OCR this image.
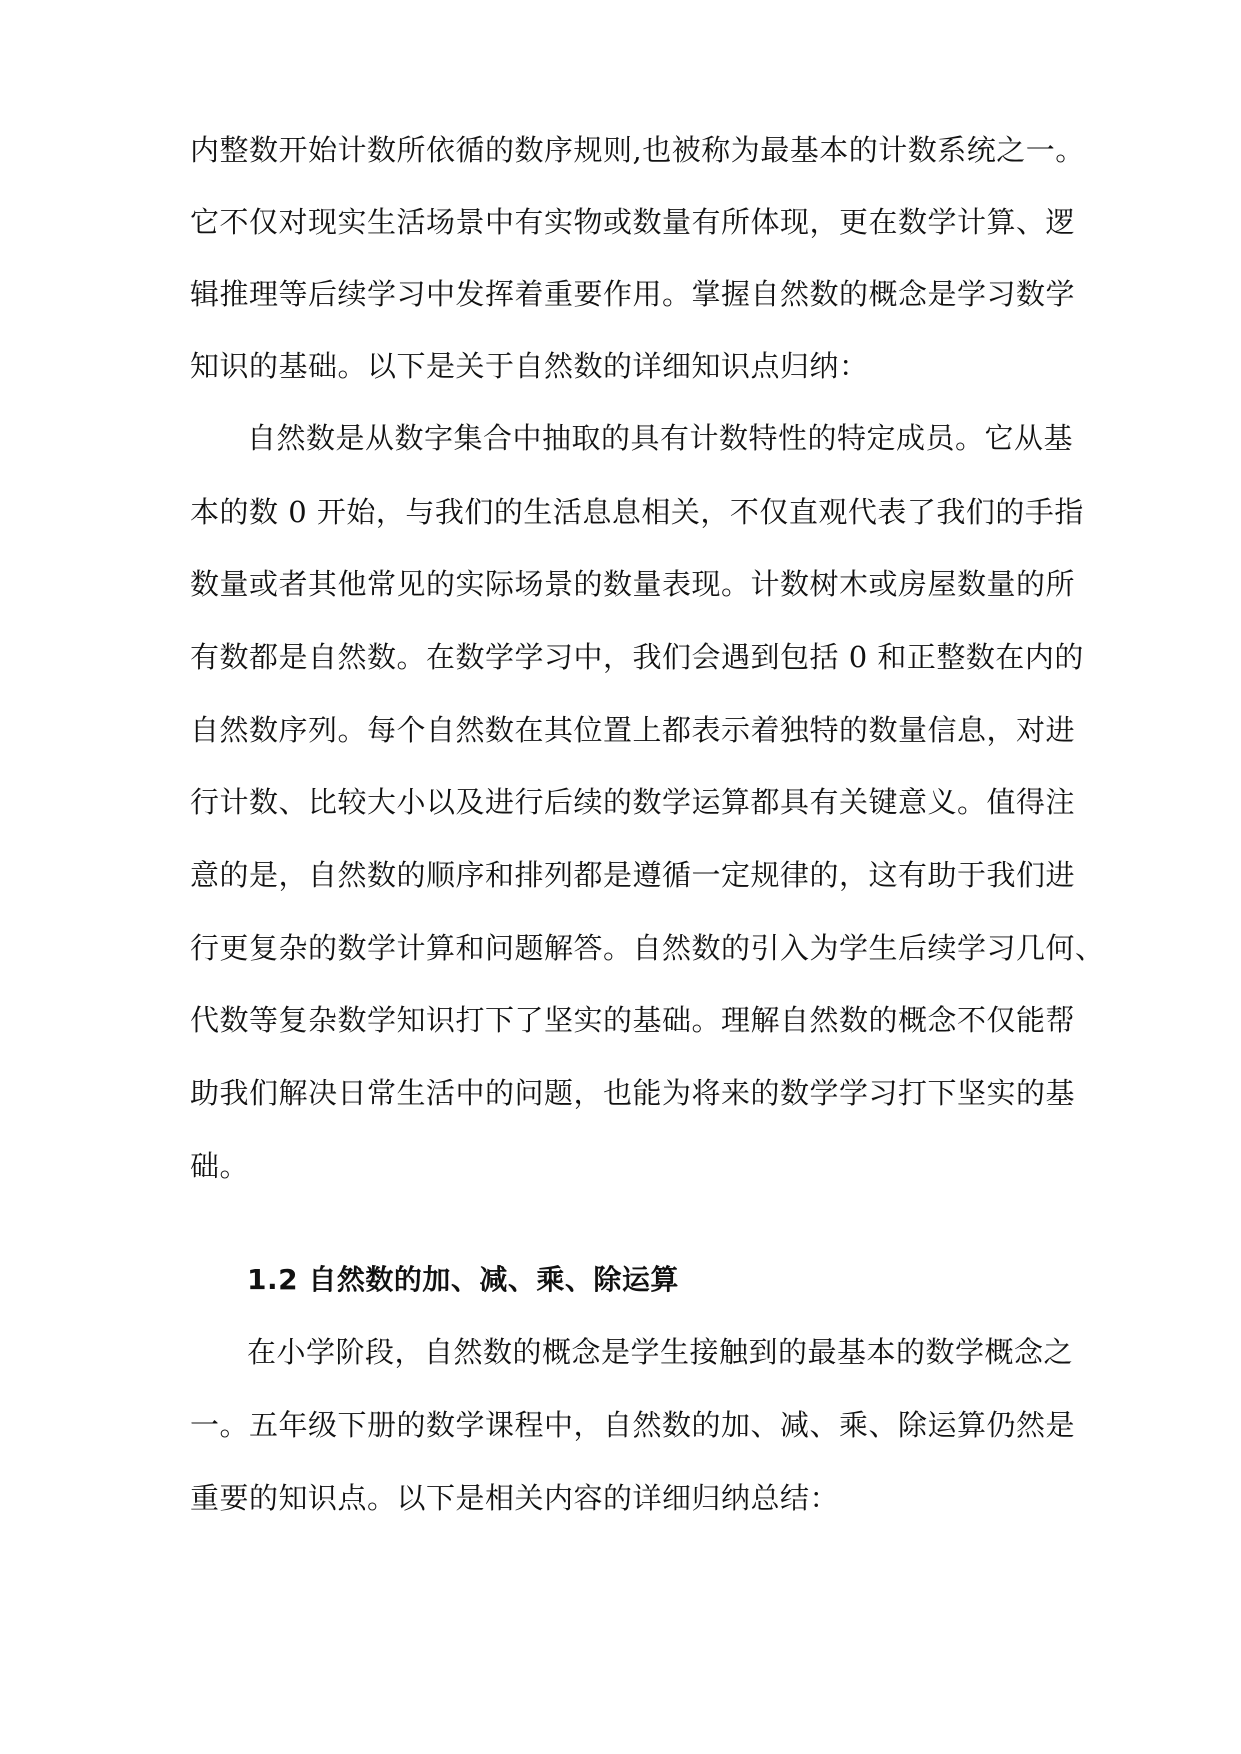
内整数开始计数所依循的数序规则,也被称为最基本的计数系统之一。
它不仅对现实生活场景中有实物或数量有所体现，更在数学计算、逻
辑推理等后续学习中发挥着重要作用。掌握自然数的概念是学习数学
知识的基础。以下是关于自然数的详细知识点归纳：
自然数是从数字集合中抽取的具有计数特性的特定成员。它从基
本的数 0 开始，与我们的生活息息相关，不仅直观代表了我们的手指
数量或者其他常见的实际场景的数量表现。计数树木或房屋数量的所
有数都是自然数。在数学学习中，我们会遇到包括 0 和正整数在内的
自然数序列。每个自然数在其位置上都表示着独特的数量信息，对进
行计数、比较大小以及进行后续的数学运算都具有关键意义。值得注
意的是，自然数的顺序和排列都是遵循一定规律的，这有助于我们进
行更复杂的数学计算和问题解答。自然数的引入为学生后续学习几何、
代数等复杂数学知识打下了坚实的基础。理解自然数的概念不仅能帮
助我们解决日常生活中的问题，也能为将来的数学学习打下坚实的基
础。
1.2 自然数的加、减、乘、除运算
在小学阶段，自然数的概念是学生接触到的最基本的数学概念之
一。五年级下册的数学课程中，自然数的加、减、乘、除运算仍然是
重要的知识点。以下是相关内容的详细归纳总结：
